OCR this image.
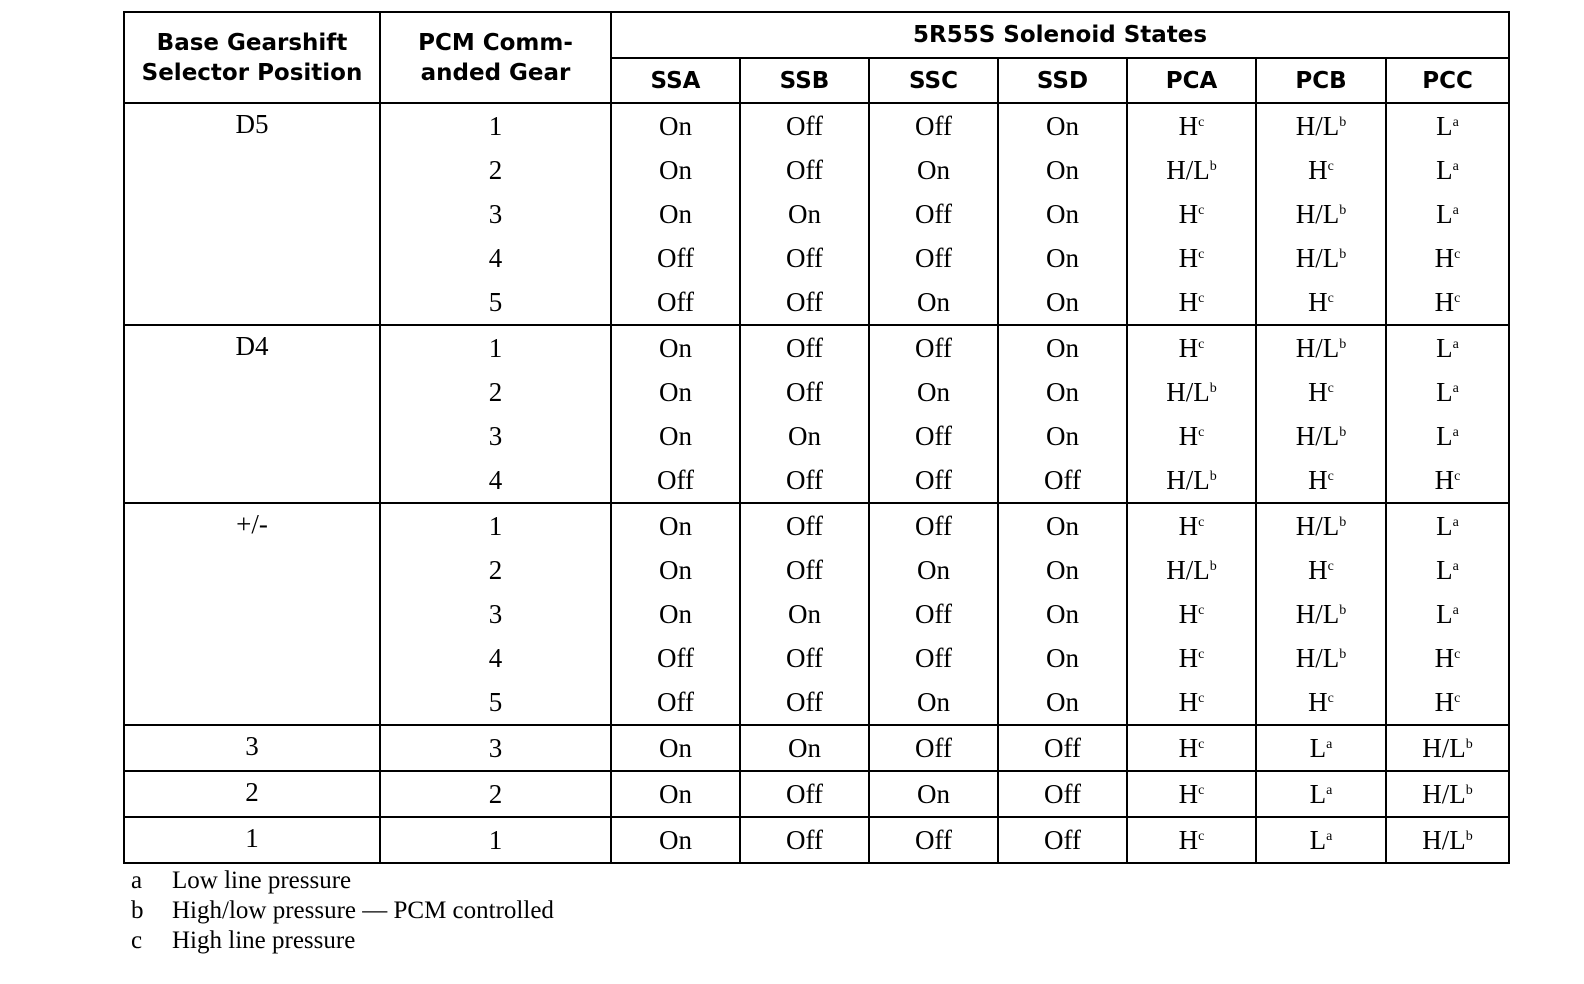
Base Gearshift
Selector Position	PCM Comm-
anded Gear	5R55S Solenoid States						
		SSA	SSB	SSC	SSD	PCA	PCB	PCC
D5	1	On	Off	Off	On	$H^c$	$H/L^b$	$L^a$
	2	On	Off	On	On	$H/L^b$	$H^c$	$L^a$
	3	On	On	Off	On	$H^c$	$H/L^b$	$L^a$
	4	Off	Off	Off	On	$H^c$	$H/L^b$	$H^c$
	5	Off	Off	On	On	$H^c$	$H^c$	$H^c$
D4	1	On	Off	Off	On	$H^c$	$H/L^b$	$L^a$
	2	On	Off	On	On	$H/L^b$	$H^c$	$L^a$
	3	On	On	Off	On	$H^c$	$H/L^b$	$L^a$
	4	Off	Off	Off	Off	$H/L^b$	$H^c$	$H^c$
+/-	1	On	Off	Off	On	$H^c$	$H/L^b$	$L^a$
	2	On	Off	On	On	$H/L^b$	$H^c$	$L^a$
	3	On	On	Off	On	$H^c$	$H/L^b$	$L^a$
	4	Off	Off	Off	On	$H^c$	$H/L^b$	$H^c$
	5	Off	Off	On	On	$H^c$	$H^c$	$H^c$
3	3	On	On	Off	Off	$H^c$	$L^a$	$H/L^b$
2	2	On	Off	On	Off	$H^c$	$L^a$	$H/L^b$
1	1	On	Off	Off	Off	$H^c$	$L^a$	$H/L^b$
a Low line pressure
b High/low pressure — PCM controlled
c High line pressure
